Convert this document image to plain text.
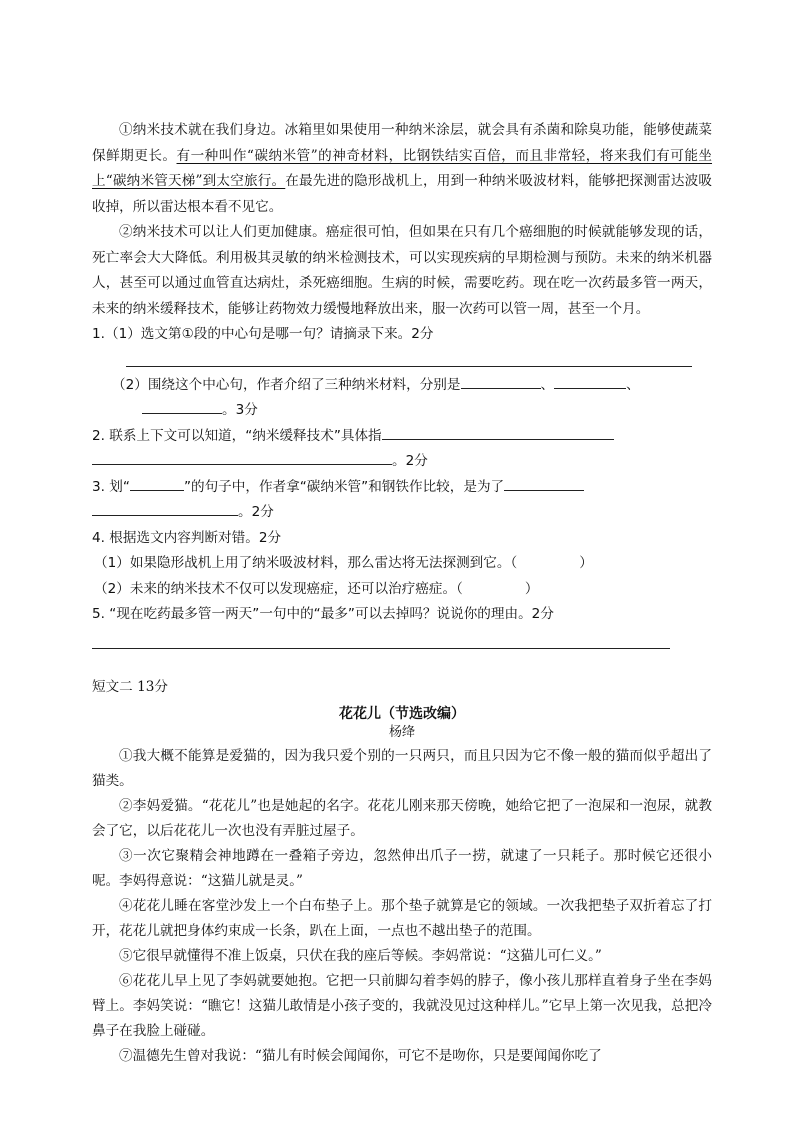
①纳米技术就在我们身边。冰箱里如果使用一种纳米涂层，就会具有杀菌和除臭功能，能够使蔬菜保鲜期更长。有一种叫作“碳纳米管”的神奇材料，比钢铁结实百倍，而且非常轻，将来我们有可能坐上“碳纳米管天梯”到太空旅行。在最先进的隐形战机上，用到一种纳米吸波材料，能够把探测雷达波吸收掉，所以雷达根本看不见它。

②纳米技术可以让人们更加健康。癌症很可怕，但如果在只有几个癌细胞的时候就能够发现的话，死亡率会大大降低。利用极其灵敏的纳米检测技术，可以实现疾病的早期检测与预防。未来的纳米机器人，甚至可以通过血管直达病灶，杀死癌细胞。生病的时候，需要吃药。现在吃一次药最多管一两天，未来的纳米缓释技术，能够让药物效力缓慢地释放出来，服一次药可以管一周，甚至一个月。

1.（1）选文第①段的中心句是哪一句？请摘录下来。2分

（2）围绕这个中心句，作者介绍了三种纳米材料，分别是	、	、

。3分

2. 联系上下文可以知道，“纳米缓释技术”具体指

。2分

3. 划“	”的句子中，作者拿“碳纳米管”和钢铁作比较，是为了

。2分

4. 根据选文内容判断对错。2分

（1）如果隐形战机上用了纳米吸波材料，那么雷达将无法探测到它。（	）

（2）未来的纳米技术不仅可以发现癌症，还可以治疗癌症。（	）

5. “现在吃药最多管一两天”一句中的“最多”可以去掉吗？说说你的理由。2分

短文二 13分

花花儿（节选改编）

杨绛

①我大概不能算是爱猫的，因为我只爱个别的一只两只，而且只因为它不像一般的猫而似乎超出了猫类。

②李妈爱猫。“花花儿”也是她起的名字。花花儿刚来那天傍晚，她给它把了一泡屎和一泡尿，就教会了它，以后花花儿一次也没有弄脏过屋子。

③一次它聚精会神地蹲在一叠箱子旁边，忽然伸出爪子一捞，就逮了一只耗子。那时候它还很小呢。李妈得意说：“这猫儿就是灵。”

④花花儿睡在客堂沙发上一个白布垫子上。那个垫子就算是它的领域。一次我把垫子双折着忘了打开，花花儿就把身体约束成一长条，趴在上面，一点也不越出垫子的范围。

⑤它很早就懂得不准上饭桌，只伏在我的座后等候。李妈常说：“这猫儿可仁义。”

⑥花花儿早上见了李妈就要她抱。它把一只前脚勾着李妈的脖子，像小孩儿那样直着身子坐在李妈臂上。李妈笑说：“瞧它！这猫儿敢情是小孩子变的，我就没见过这种样儿。”它早上第一次见我，总把冷鼻子在我脸上碰碰。

⑦温德先生曾对我说：“猫儿有时候会闻闻你，可它不是吻你，只是要闻闻你吃了
